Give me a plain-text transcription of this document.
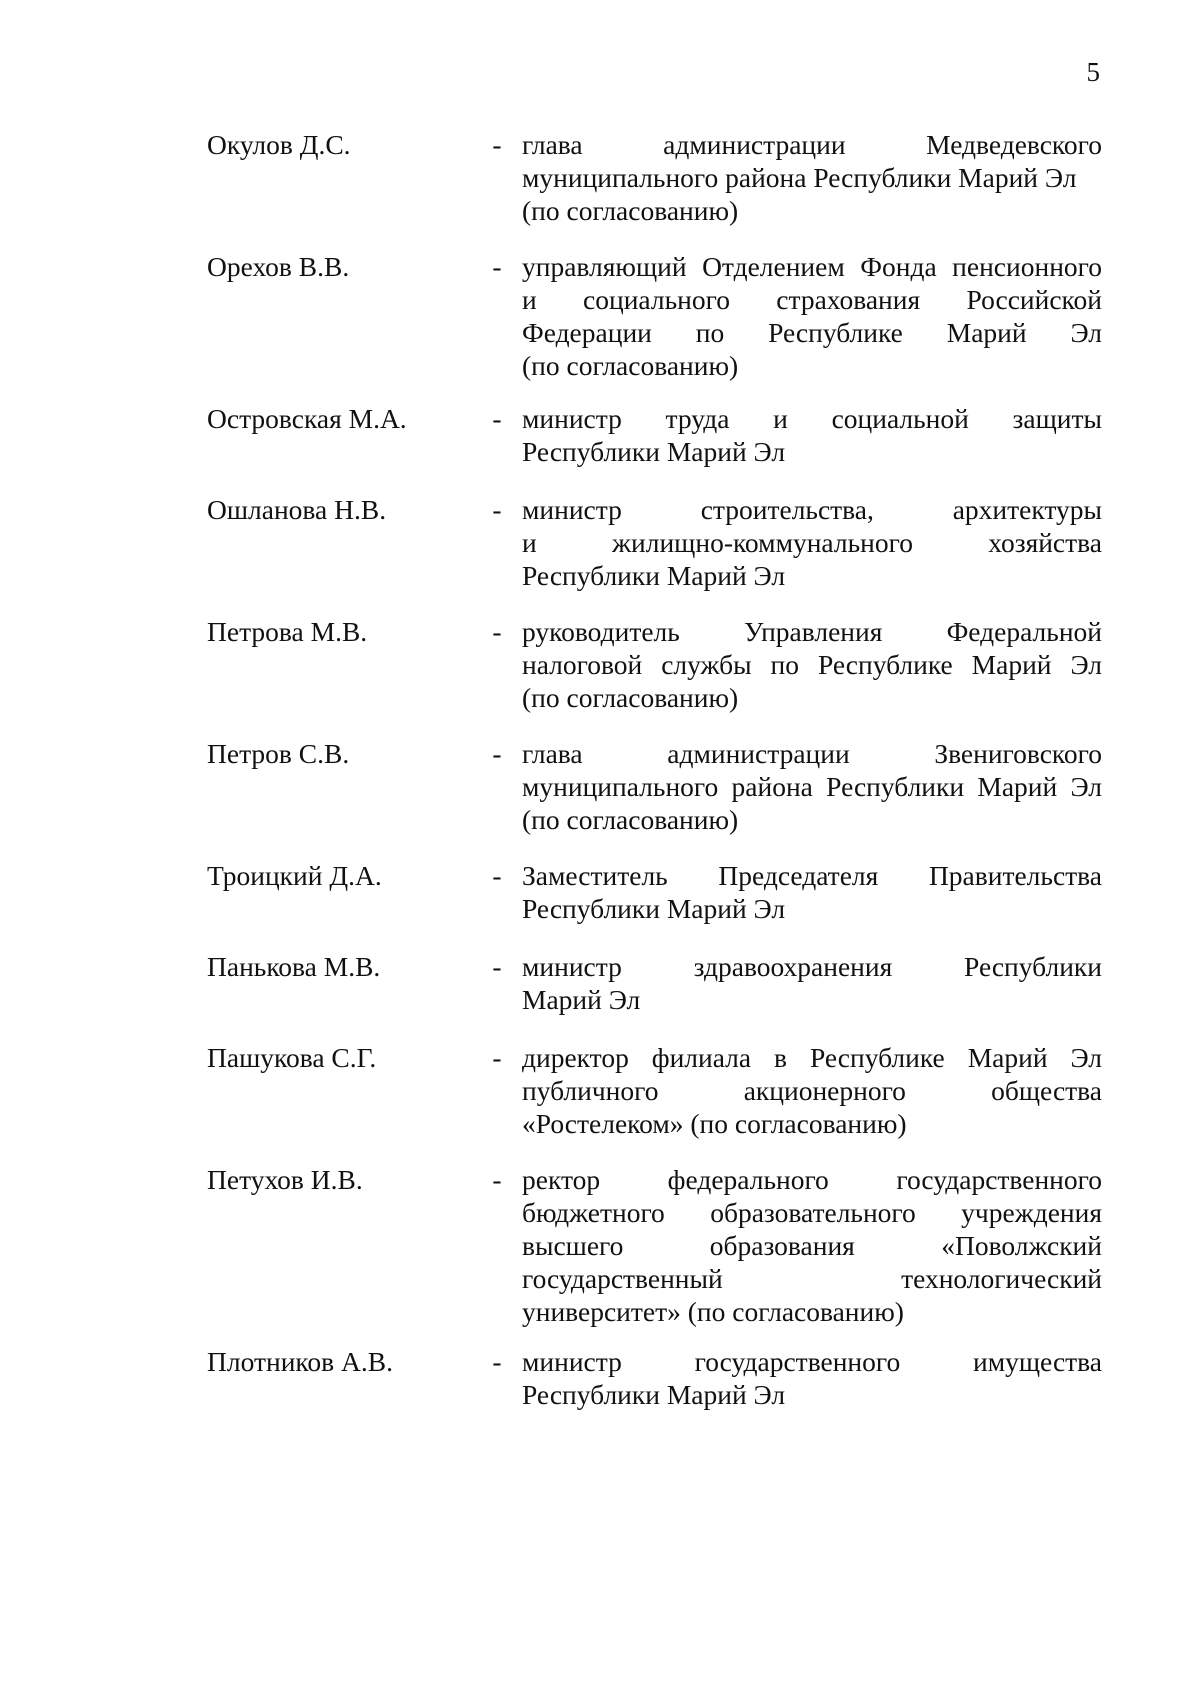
5
Окулов Д.С.	- глава администрации Медведевского
муниципального района Республики Марий Эл
(по согласованию)
Орехов В.В.	- управляющий Отделением Фонда пенсионного
и социального страхования Российской
Федерации по Республике Марий Эл
(по согласованию)
Островская М.А.	- министр труда и социальной защиты
Республики Марий Эл
Ошланова Н.В.	- министр строительства, архитектуры
и жилищно-коммунального хозяйства
Республики Марий Эл
Петрова М.В.	- руководитель Управления Федеральной
налоговой службы по Республике Марий Эл
(по согласованию)
Петров С.В.	- глава администрации Звениговского
муниципального района Республики Марий Эл
(по согласованию)
Троицкий Д.А.	- Заместитель Председателя Правительства
Республики Марий Эл
Панькова М.В.	- министр здравоохранения Республики
Марий Эл
Пашукова С.Г.	- директор филиала в Республике Марий Эл
публичного акционерного общества
«Ростелеком» (по согласованию)
Петухов И.В.	- ректор федерального государственного
бюджетного образовательного учреждения
высшего образования «Поволжский
государственный технологический
университет» (по согласованию)
Плотников А.В.	- министр государственного имущества
Республики Марий Эл
